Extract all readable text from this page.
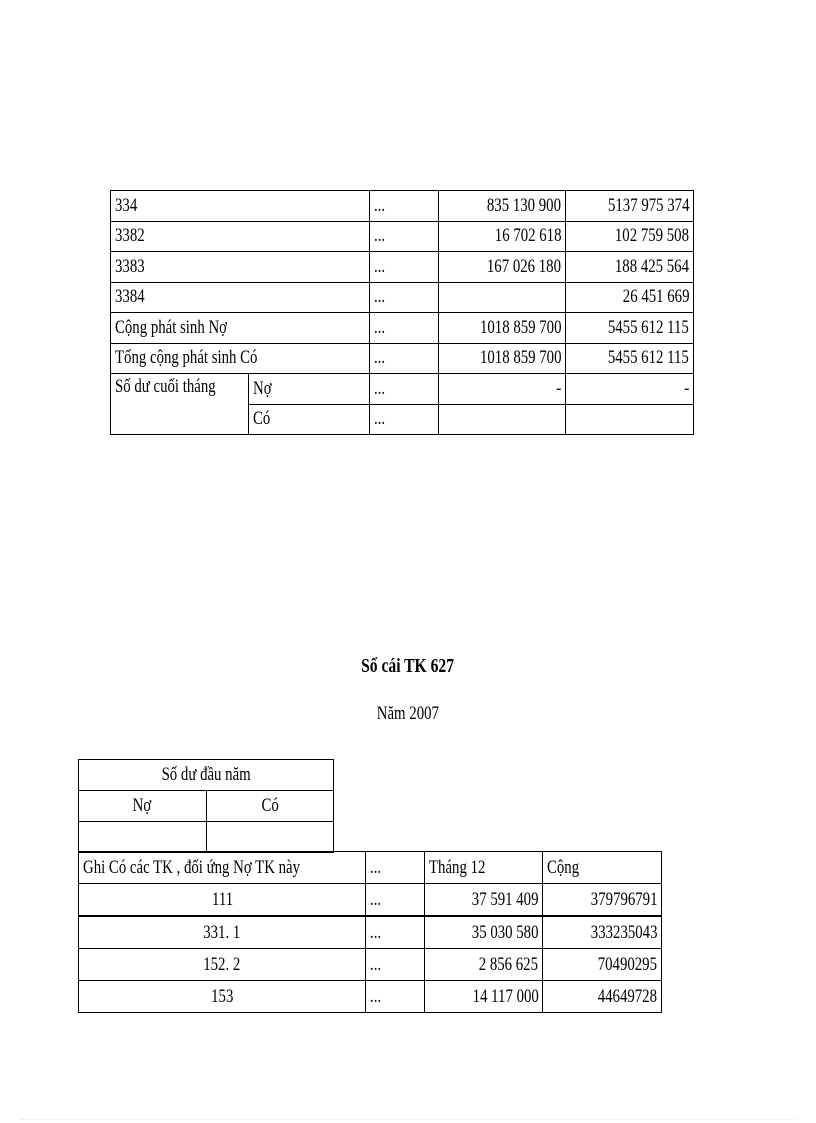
334		...	835 130 900	5137 975 374
3382		...	16 702 618	102 759 508
3383		...	167 026 180	188 425 564
3384		...		26 451 669
Cộng phát sinh Nợ		...	1018 859 700	5455 612 115
Tổng cộng phát sinh Có		...	1018 859 700	5455 612 115
Số dư cuối tháng	Nợ	...	-	-
	Có	...		
Sổ cái TK 627
Năm 2007
Số dư đầu năm	
Nợ	Có

Ghi Có các TK , đối ứng Nợ TK này	...	Tháng 12	Cộng
111	...	37 591 409	379796791
331. 1	...	35 030 580	333235043
152. 2	...	2 856 625	70490295
153	...	14 117 000	44649728
